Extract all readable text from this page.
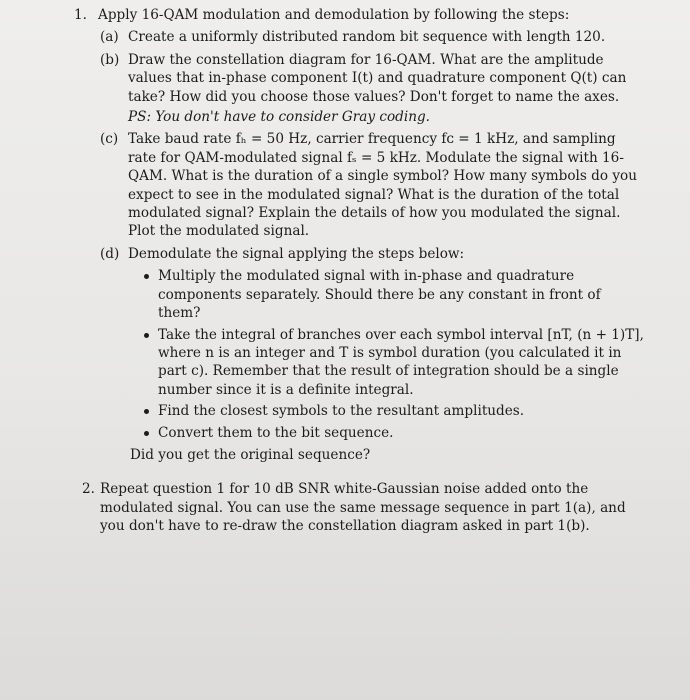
1. Apply 16-QAM modulation and demodulation by following the steps:
(a) Create a uniformly distributed random bit sequence with length 120.
(b) Draw the constellation diagram for 16-QAM. What are the amplitude values that in-phase component I(t) and quadrature component Q(t) can take? How did you choose those values? Don't forget to name the axes.
PS: You don't have to consider Gray coding.
(c) Take baud rate fₕ = 50 Hz, carrier frequency fᴄ = 1 kHz, and sampling rate for QAM-modulated signal fₛ = 5 kHz. Modulate the signal with 16-QAM. What is the duration of a single symbol? How many symbols do you expect to see in the modulated signal? What is the duration of the total modulated signal? Explain the details of how you modulated the signal. Plot the modulated signal.
(d) Demodulate the signal applying the steps below:
Multiply the modulated signal with in-phase and quadrature components separately. Should there be any constant in front of them?
Take the integral of branches over each symbol interval [nT, (n + 1)T], where n is an integer and T is symbol duration (you calculated it in part c). Remember that the result of integration should be a single number since it is a definite integral.
Find the closest symbols to the resultant amplitudes.
Convert them to the bit sequence.
Did you get the original sequence?
2. Repeat question 1 for 10 dB SNR white-Gaussian noise added onto the modulated signal. You can use the same message sequence in part 1(a), and you don't have to re-draw the constellation diagram asked in part 1(b).
